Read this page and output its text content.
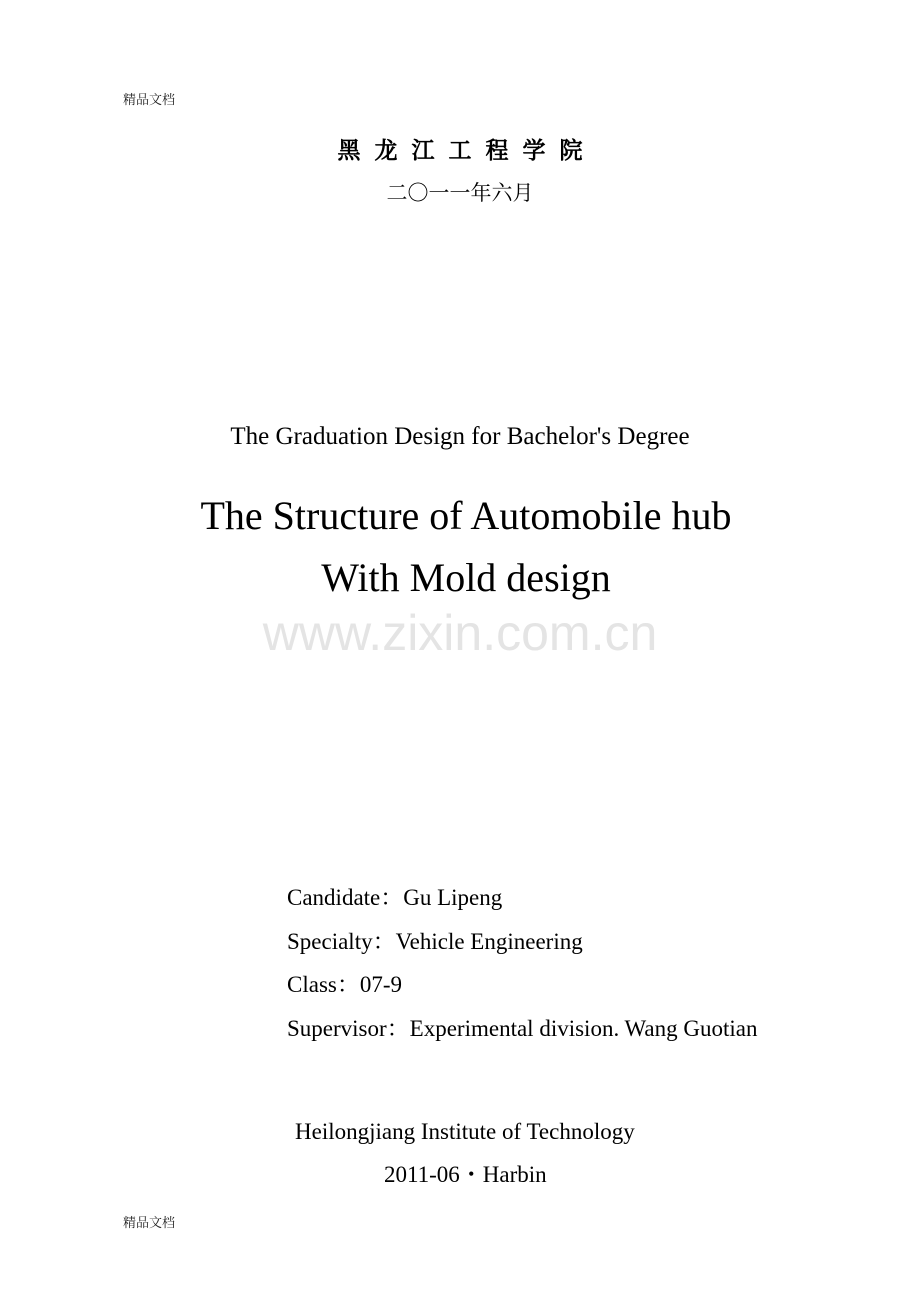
精品文档
黑龙江工程学院
二〇一一年六月
The Graduation Design for Bachelor's Degree
The Structure of Automobile hub
With Mold design
www.zixin.com.cn
Candidate：Gu Lipeng
Specialty：Vehicle Engineering
Class：07-9
Supervisor：Experimental division. Wang Guotian
Heilongjiang Institute of Technology
2011-06・Harbin
精品文档
